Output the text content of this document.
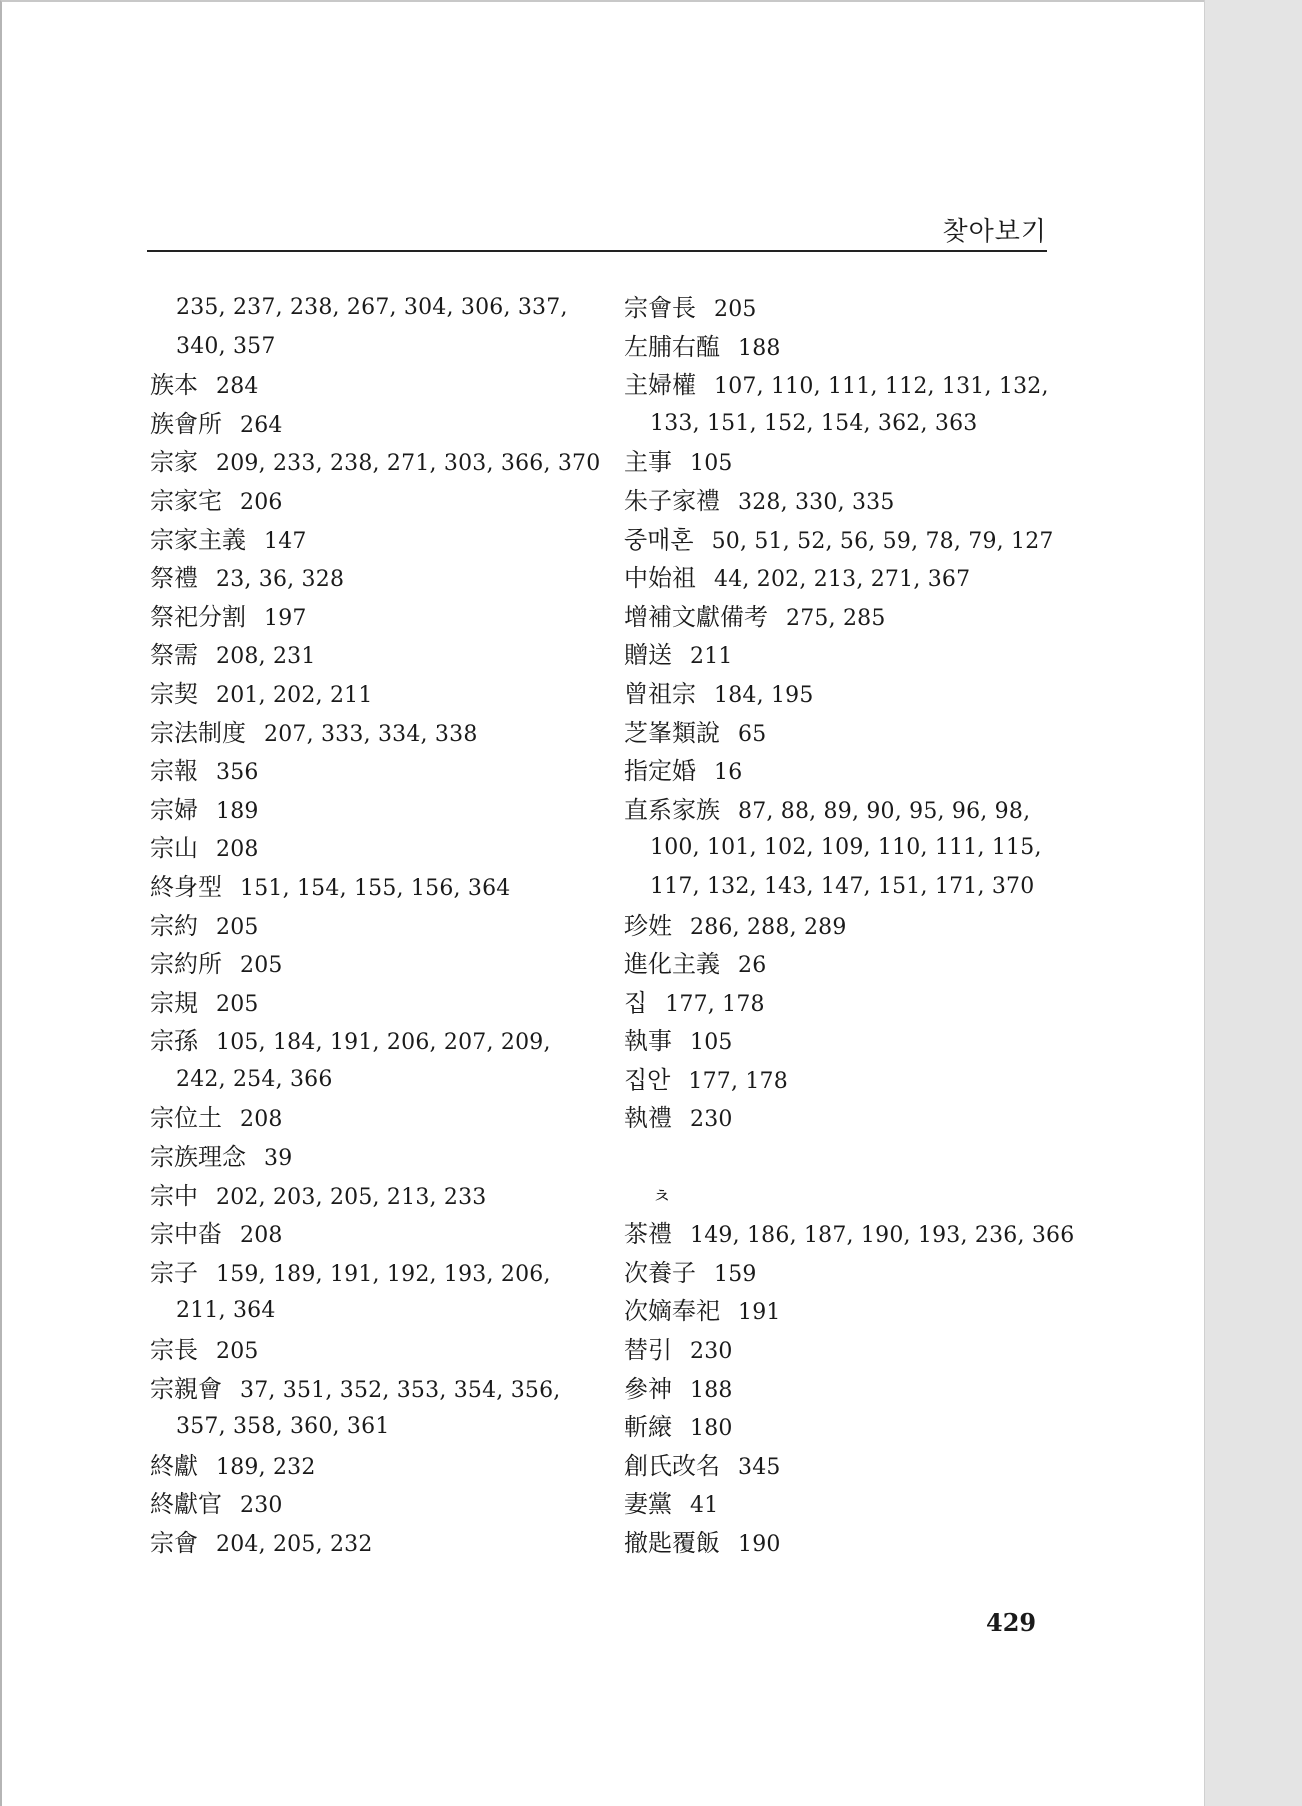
찾아보기
235, 237, 238, 267, 304, 306, 337,
340, 357
族本 284
族會所 264
宗家 209, 233, 238, 271, 303, 366, 370
宗家宅 206
宗家主義 147
祭禮 23, 36, 328
祭祀分割 197
祭需 208, 231
宗契 201, 202, 211
宗法制度 207, 333, 334, 338
宗報 356
宗婦 189
宗山 208
終身型 151, 154, 155, 156, 364
宗約 205
宗約所 205
宗規 205
宗孫 105, 184, 191, 206, 207, 209,
242, 254, 366
宗位土 208
宗族理念 39
宗中 202, 203, 205, 213, 233
宗中畓 208
宗子 159, 189, 191, 192, 193, 206,
211, 364
宗長 205
宗親會 37, 351, 352, 353, 354, 356,
357, 358, 360, 361
終獻 189, 232
終獻官 230
宗會 204, 205, 232
宗會長 205
左脯右醢 188
主婦權 107, 110, 111, 112, 131, 132,
133, 151, 152, 154, 362, 363
主事 105
朱子家禮 328, 330, 335
중매혼 50, 51, 52, 56, 59, 78, 79, 127
中始祖 44, 202, 213, 271, 367
增補文獻備考 275, 285
贈送 211
曾祖宗 184, 195
芝峯類說 65
指定婚 16
直系家族 87, 88, 89, 90, 95, 96, 98,
100, 101, 102, 109, 110, 111, 115,
117, 132, 143, 147, 151, 171, 370
珍姓 286, 288, 289
進化主義 26
집 177, 178
執事 105
집안 177, 178
執禮 230
ㅊ
茶禮 149, 186, 187, 190, 193, 236, 366
次養子 159
次嫡奉祀 191
替引 230
參神 188
斬縗 180
創氏改名 345
妻黨 41
撤匙覆飯 190
429
